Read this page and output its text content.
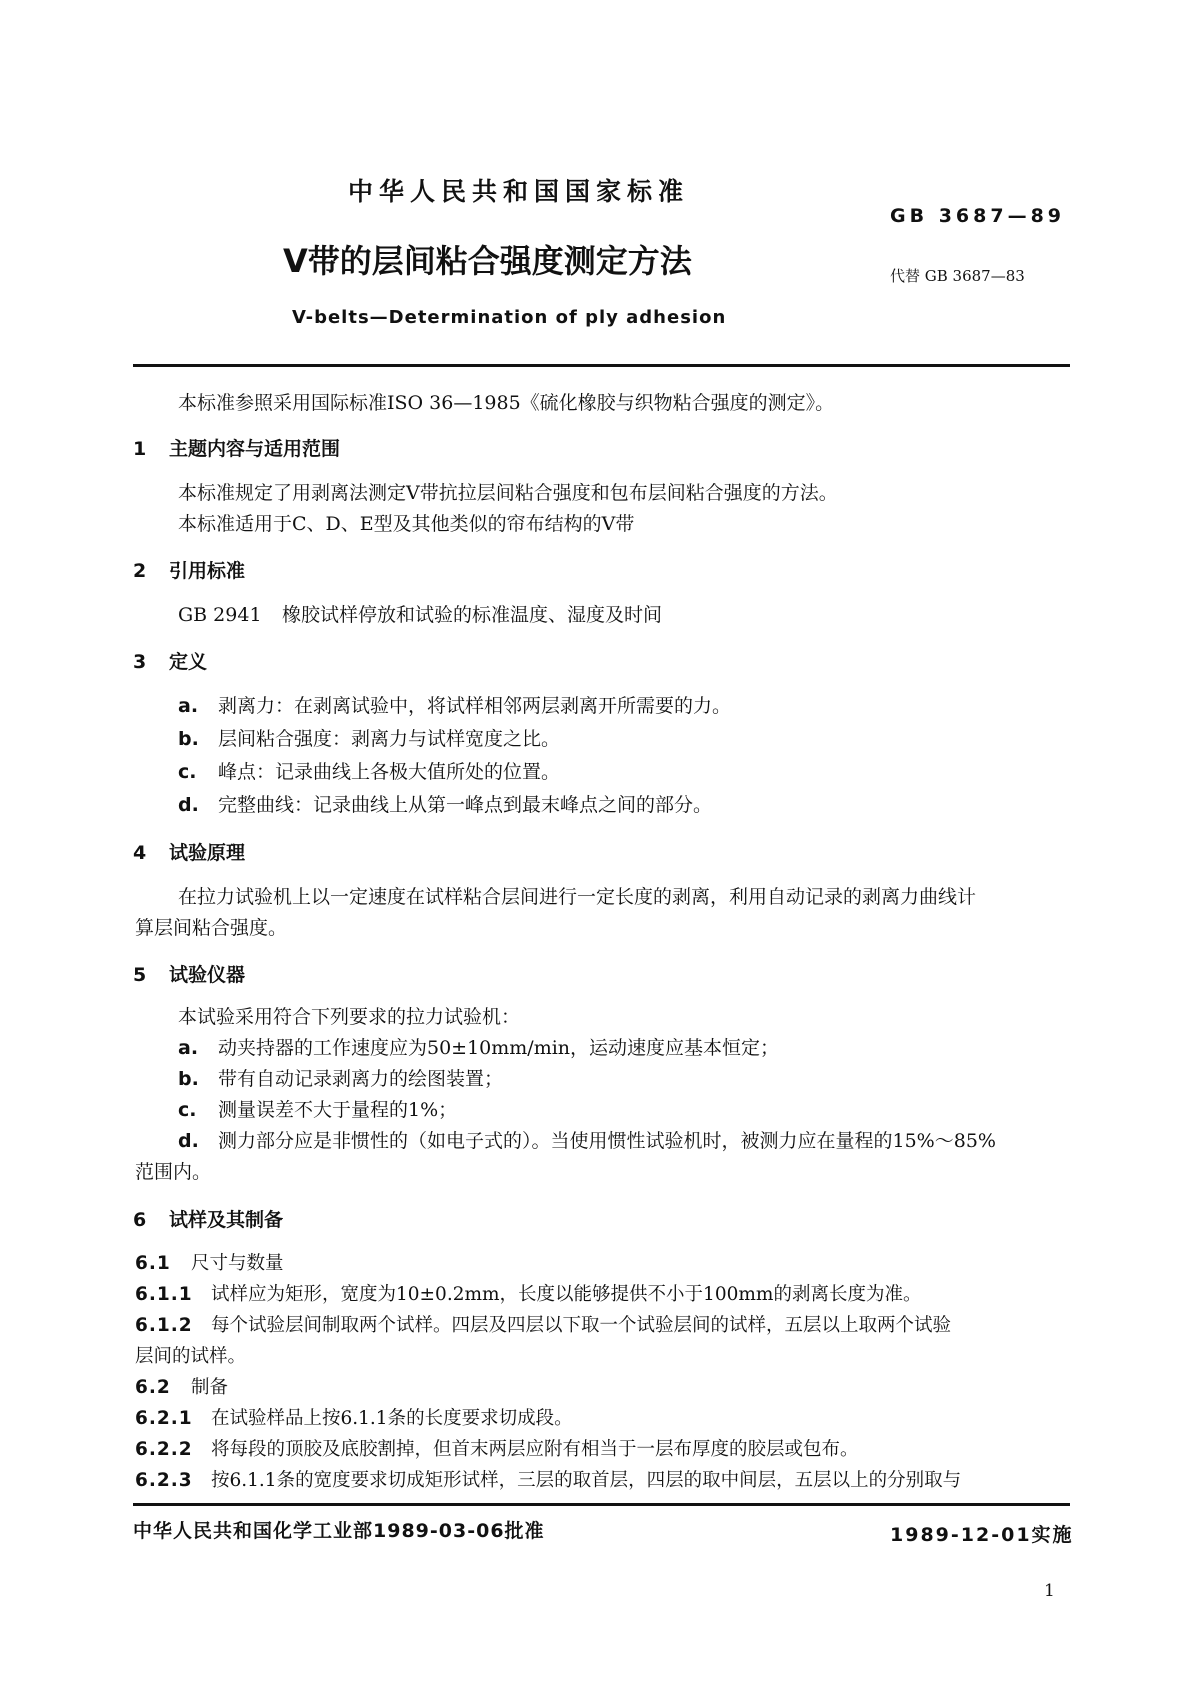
中华人民共和国国家标准
GB 3687—89
V带的层间粘合强度测定方法	代替 GB 3687—83
V-belts—Determination of ply adhesion
本标准参照采用国际标准ISO 36—1985《硫化橡胶与织物粘合强度的测定》。
1 主题内容与适用范围
本标准规定了用剥离法测定V带抗拉层间粘合强度和包布层间粘合强度的方法。
本标准适用于C、D、E型及其他类似的帘布结构的V带
2 引用标准
GB 2941 橡胶试样停放和试验的标准温度、湿度及时间
3 定义
a. 剥离力：在剥离试验中，将试样相邻两层剥离开所需要的力。
b. 层间粘合强度：剥离力与试样宽度之比。
c. 峰点：记录曲线上各极大值所处的位置。
d. 完整曲线：记录曲线上从第一峰点到最末峰点之间的部分。
4 试验原理
在拉力试验机上以一定速度在试样粘合层间进行一定长度的剥离，利用自动记录的剥离力曲线计
算层间粘合强度。
5 试验仪器
本试验采用符合下列要求的拉力试验机：
a. 动夹持器的工作速度应为50±10mm/min，运动速度应基本恒定；
b. 带有自动记录剥离力的绘图装置；
c. 测量误差不大于量程的1%；
d. 测力部分应是非惯性的（如电子式的）。当使用惯性试验机时，被测力应在量程的15%～85%
范围内。
6 试样及其制备
6.1 尺寸与数量
6.1.1 试样应为矩形，宽度为10±0.2mm，长度以能够提供不小于100mm的剥离长度为准。
6.1.2 每个试验层间制取两个试样。四层及四层以下取一个试验层间的试样，五层以上取两个试验
层间的试样。
6.2 制备
6.2.1 在试验样品上按6.1.1条的长度要求切成段。
6.2.2 将每段的顶胶及底胶割掉，但首末两层应附有相当于一层布厚度的胶层或包布。
6.2.3 按6.1.1条的宽度要求切成矩形试样，三层的取首层，四层的取中间层，五层以上的分别取与
中华人民共和国化学工业部1989-03-06批准	1989-12-01实施
1
